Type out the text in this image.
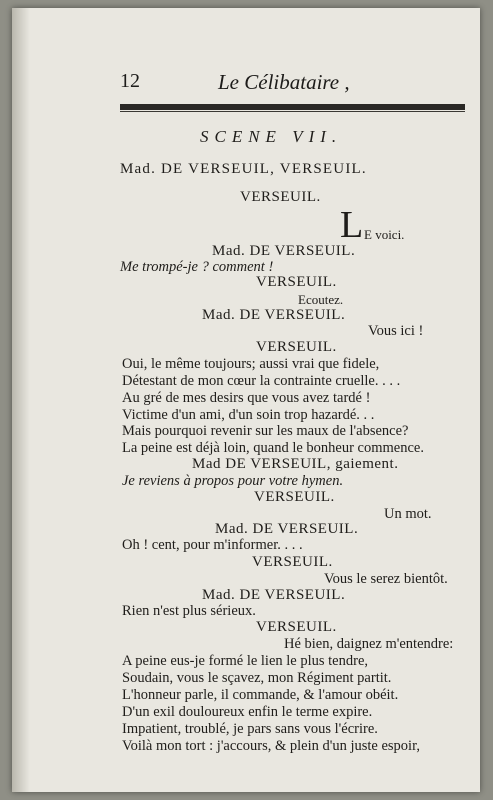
12	Le Célibataire ,
SCENE VII.
Mad. DE VERSEUIL, VERSEUIL.
VERSEUIL.
L E voici.
Mad. DE VERSEUIL.
Me trompé-je ? comment !
VERSEUIL.
Ecoutez.
Mad. DE VERSEUIL.
Vous ici !
VERSEUIL.
Oui, le même toujours; aussi vrai que fidele,
Détestant de mon cœur la contrainte cruelle. . . .
Au gré de mes desirs que vous avez tardé !
Victime d'un ami, d'un soin trop hazardé. . .
Mais pourquoi revenir sur les maux de l'absence?
La peine est déjà loin, quand le bonheur commence.
Mad DE VERSEUIL, gaiement.
Je reviens à propos pour votre hymen.
VERSEUIL.
Un mot.
Mad. DE VERSEUIL.
Oh ! cent, pour m'informer. . . .
VERSEUIL.
Vous le serez bientôt.
Mad. DE VERSEUIL.
Rien n'est plus sérieux.
VERSEUIL.
Hé bien, daignez m'entendre:
A peine eus-je formé le lien le plus tendre,
Soudain, vous le sçavez, mon Régiment partit.
L'honneur parle, il commande, & l'amour obéit.
D'un exil douloureux enfin le terme expire.
Impatient, troublé, je pars sans vous l'écrire.
Voilà mon tort : j'accours, & plein d'un juste espoir,
